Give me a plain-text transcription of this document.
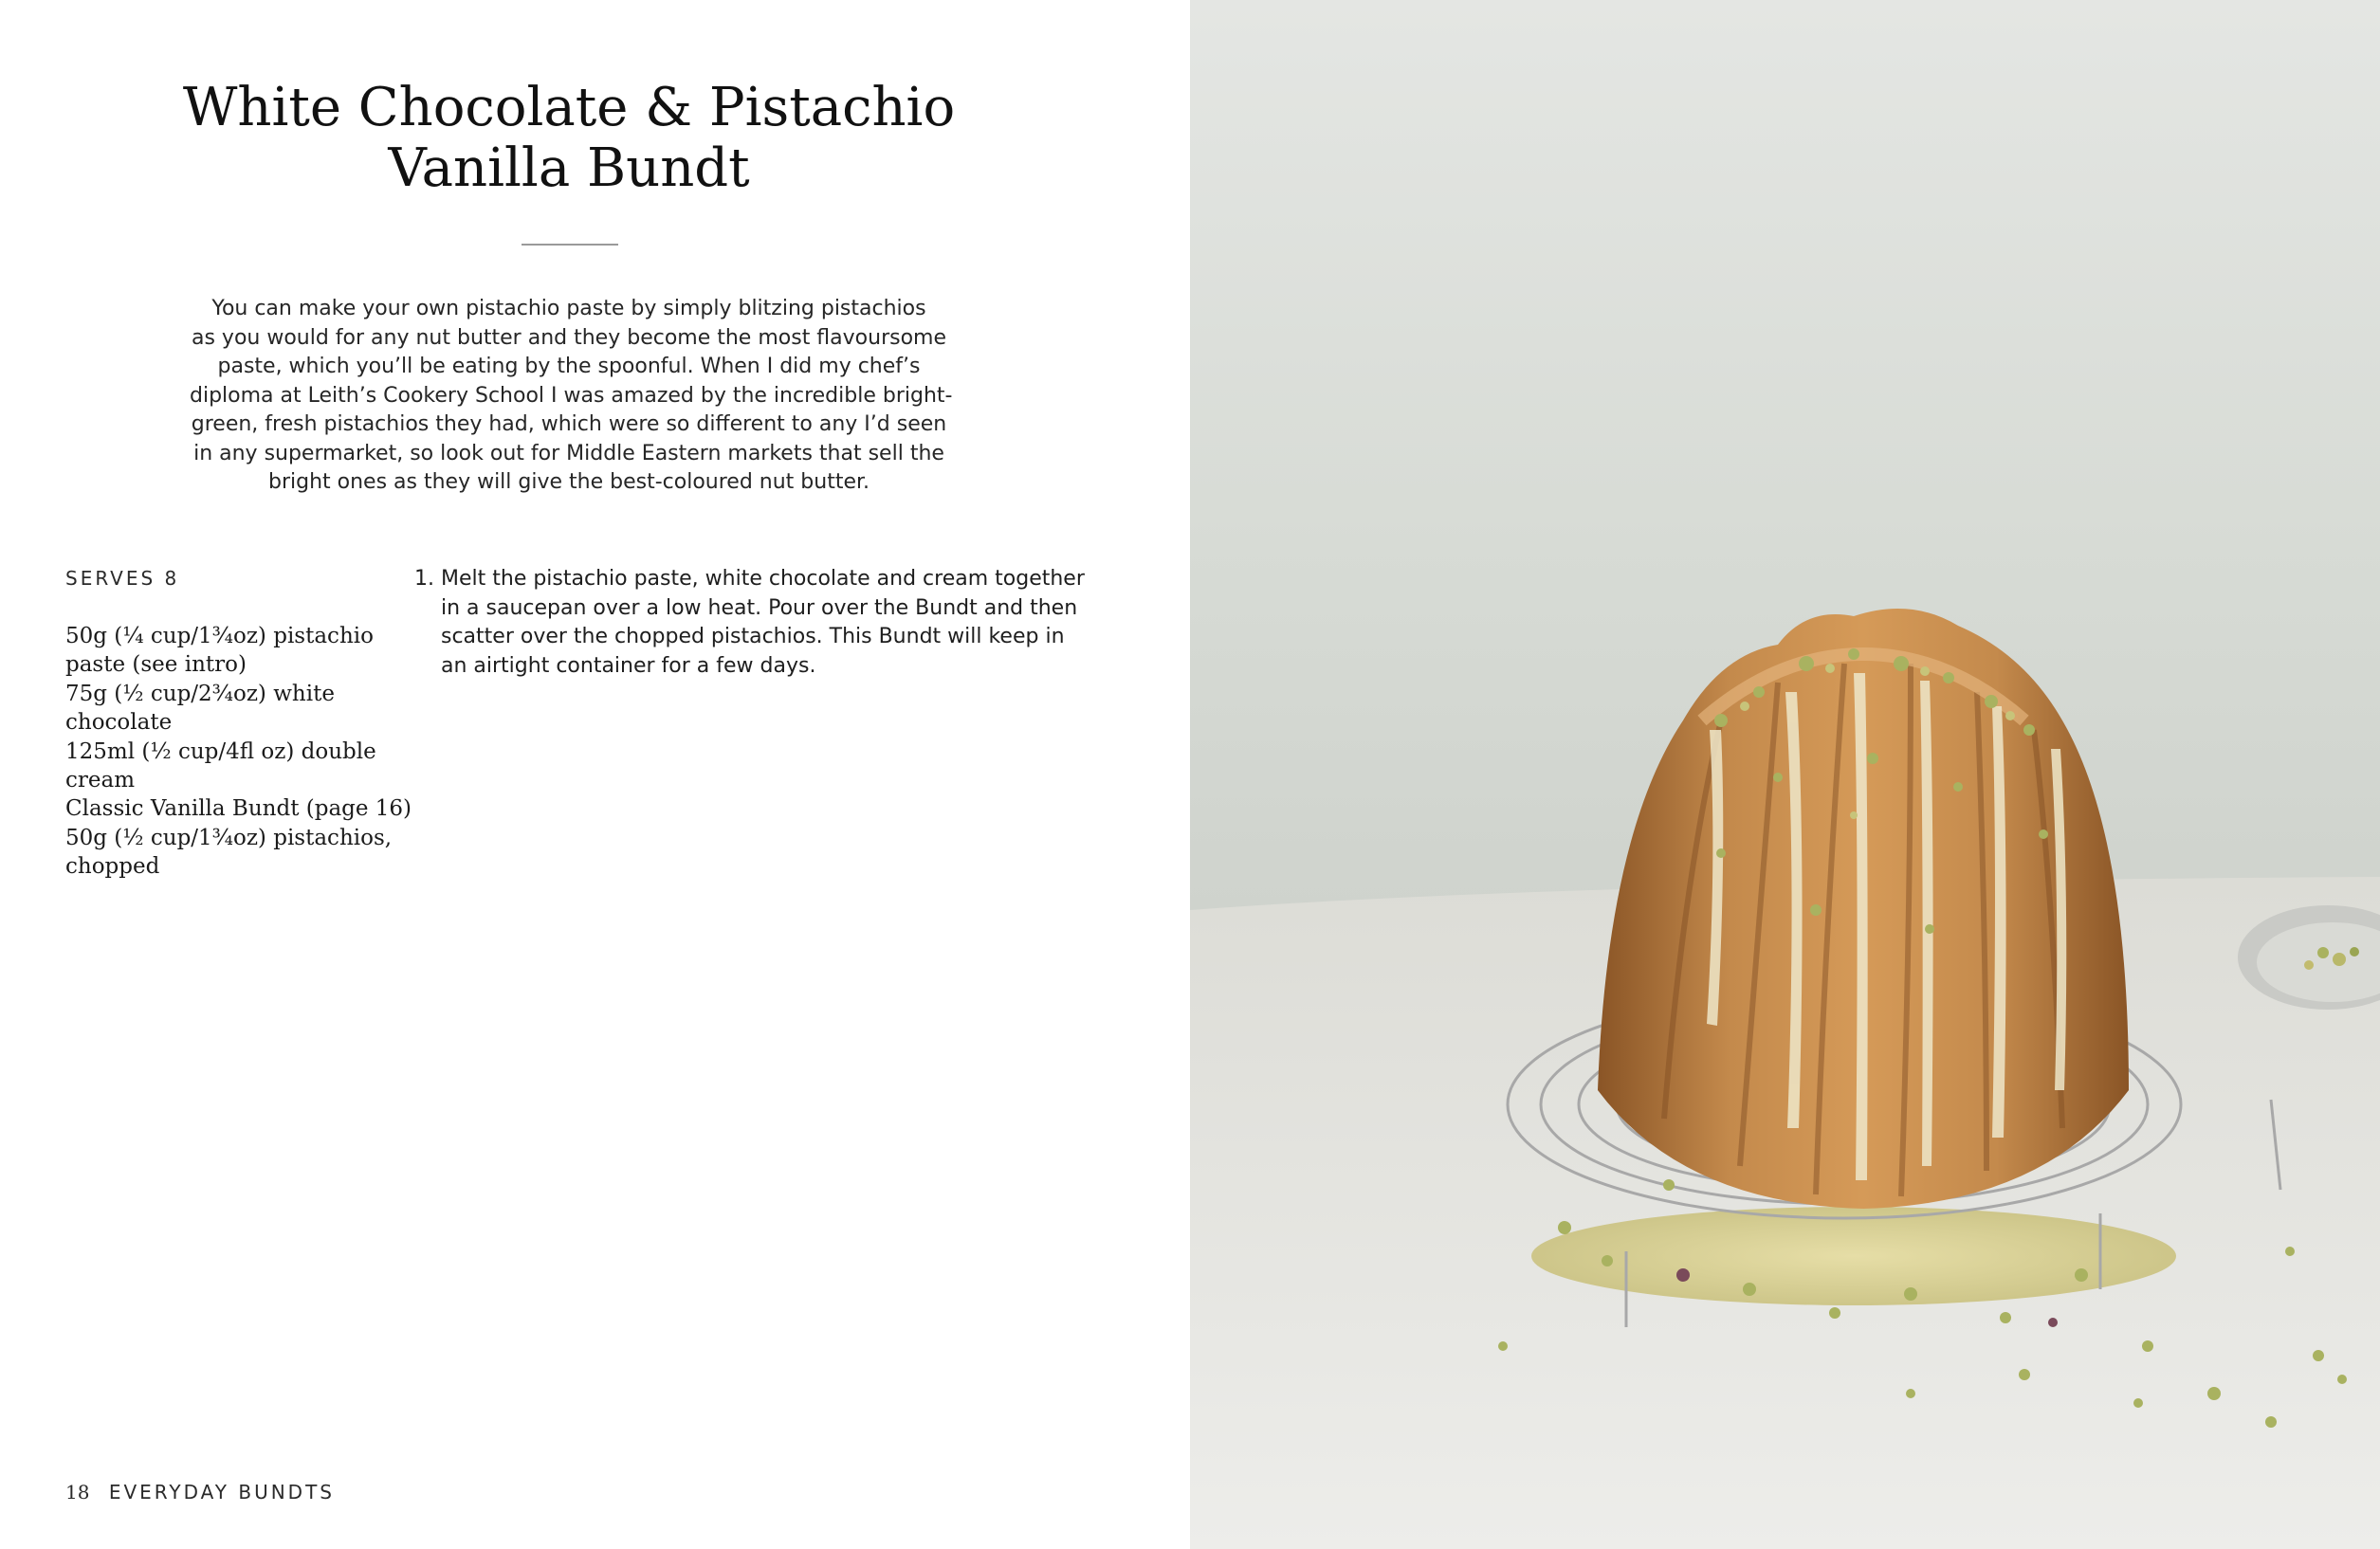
White Chocolate & Pistachio
Vanilla Bundt

You can make your own pistachio paste by simply blitzing pistachios
as you would for any nut butter and they become the most flavoursome
paste, which you’ll be eating by the spoonful. When I did my chef’s
diploma at Leith’s Cookery School I was amazed by the incredible bright-
green, fresh pistachios they had, which were so different to any I’d seen
in any supermarket, so look out for Middle Eastern markets that sell the
bright ones as they will give the best-coloured nut butter.

SERVES 8
50g (¼ cup/1¾oz) pistachio
paste (see intro)
75g (½ cup/2¾oz) white
chocolate
125ml (½ cup/4fl oz) double
cream
Classic Vanilla Bundt (page 16)
50g (½ cup/1¾oz) pistachios,
chopped
1. Melt the pistachio paste, white chocolate and cream together
in a saucepan over a low heat. Pour over the Bundt and then
scatter over the chopped pistachios. This Bundt will keep in
an airtight container for a few days.
18 EVERYDAY BUNDTS
